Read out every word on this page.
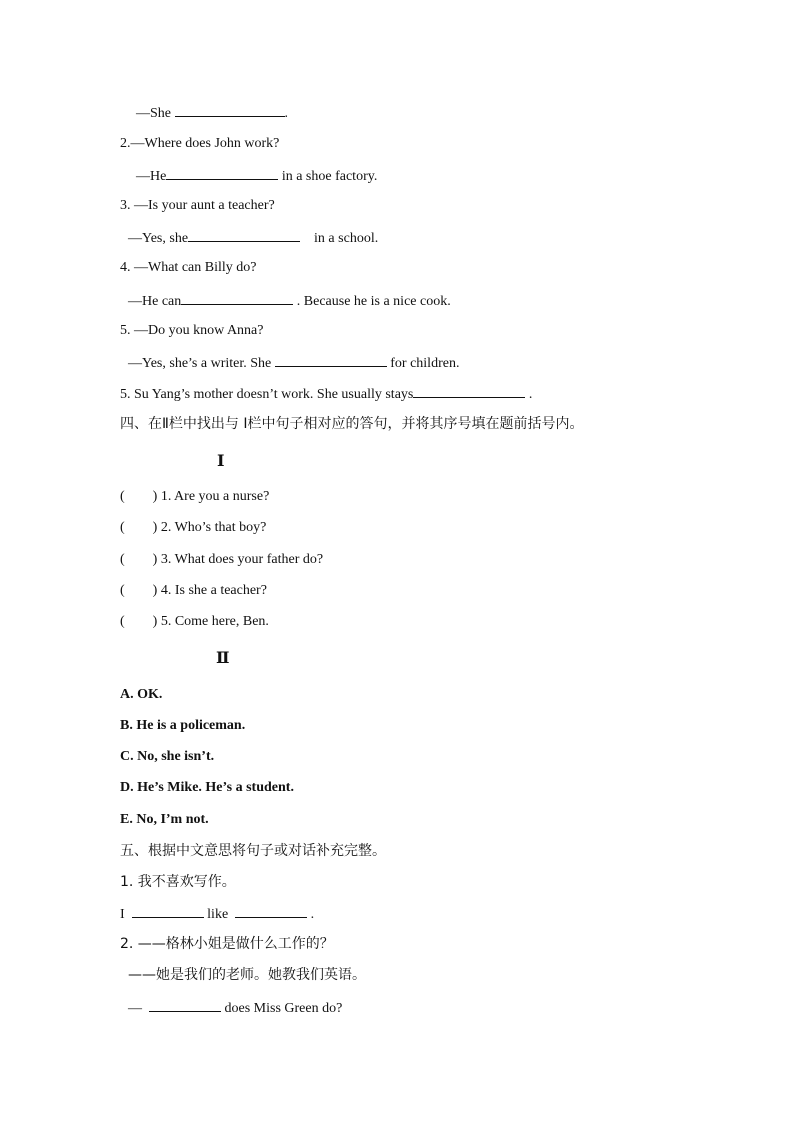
—She	.
2.—Where does John work?
—He	in a shoe factory.
3. —Is your aunt a teacher?
—Yes, she	in a school.
4. —What can Billy do?
—He can	. Because he is a nice cook.
5. —Do you know Anna?
—Yes, she’s a writer. She	for children.
5. Su Yang’s mother doesn’t work. She usually stays	.
四、在Ⅱ栏中找出与 Ⅰ栏中句子相对应的答句，并将其序号填在题前括号内。
Ⅰ
(        ) 1. Are you a nurse?
(        ) 2. Who’s that boy?
(        ) 3. What does your father do?
(        ) 4. Is she a teacher?
(        ) 5. Come here, Ben.
Ⅱ
A. OK.
B. He is a policeman.
C. No, she isn’t.
D. He’s Mike. He’s a student.
E. No, I’m not.
五、根据中文意思将句子或对话补充完整。
1. 我不喜欢写作。
I	like	.
2. ——格林小姐是做什么工作的？
——她是我们的老师。她教我们英语。
—	does Miss Green do?
